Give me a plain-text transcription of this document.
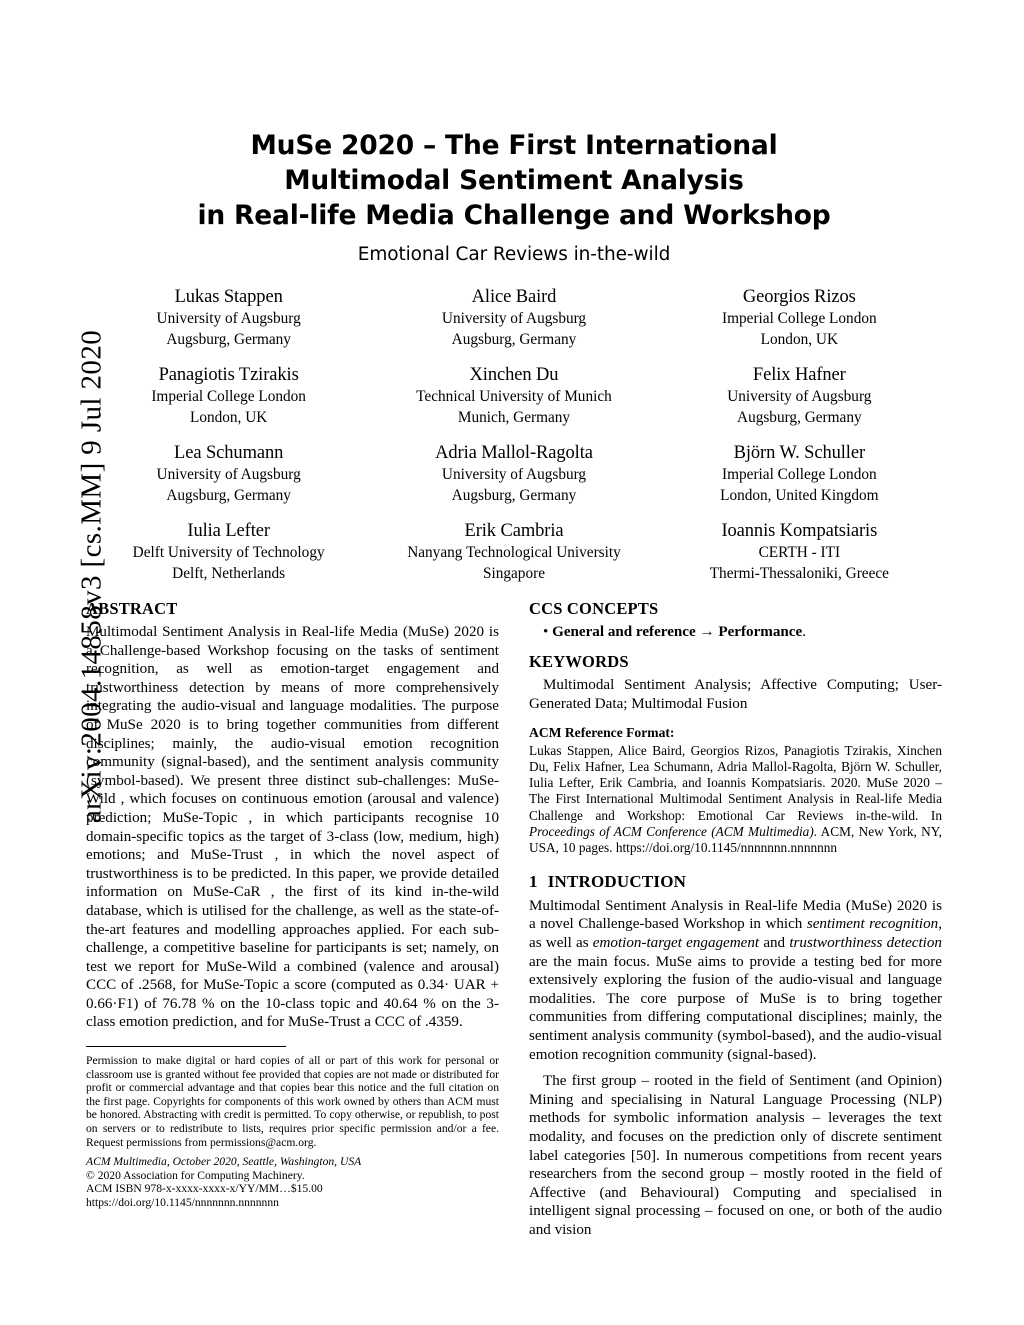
arXiv:2004.14858v3 [cs.MM] 9 Jul 2020
MuSe 2020 – The First International
Multimodal Sentiment Analysis
in Real-life Media Challenge and Workshop
Emotional Car Reviews in-the-wild
Lukas Stappen
University of Augsburg
Augsburg, Germany
Alice Baird
University of Augsburg
Augsburg, Germany
Georgios Rizos
Imperial College London
London, UK
Panagiotis Tzirakis
Imperial College London
London, UK
Xinchen Du
Technical University of Munich
Munich, Germany
Felix Hafner
University of Augsburg
Augsburg, Germany
Lea Schumann
University of Augsburg
Augsburg, Germany
Adria Mallol-Ragolta
University of Augsburg
Augsburg, Germany
Björn W. Schuller
Imperial College London
London, United Kingdom
Iulia Lefter
Delft University of Technology
Delft, Netherlands
Erik Cambria
Nanyang Technological University
Singapore
Ioannis Kompatsiaris
CERTH - ITI
Thermi-Thessaloniki, Greece
ABSTRACT

Multimodal Sentiment Analysis in Real-life Media (MuSe) 2020 is a Challenge-based Workshop focusing on the tasks of sentiment recognition, as well as emotion-target engagement and trustworthiness detection by means of more comprehensively integrating the audio-visual and language modalities. The purpose of MuSe 2020 is to bring together communities from different disciplines; mainly, the audio-visual emotion recognition community (signal-based), and the sentiment analysis community (symbol-based). We present three distinct sub-challenges: MuSe-Wild , which focuses on continuous emotion (arousal and valence) prediction; MuSe-Topic , in which participants recognise 10 domain-specific topics as the target of 3-class (low, medium, high) emotions; and MuSe-Trust , in which the novel aspect of trustworthiness is to be predicted. In this paper, we provide detailed information on MuSe-CaR , the first of its kind in-the-wild database, which is utilised for the challenge, as well as the state-of-the-art features and modelling approaches applied. For each sub-challenge, a competitive baseline for participants is set; namely, on test we report for MuSe-Wild a combined (valence and arousal) CCC of .2568, for MuSe-Topic a score (computed as 0.34· UAR + 0.66·F1) of 76.78 % on the 10-class topic and 40.64 % on the 3-class emotion prediction, and for MuSe-Trust a CCC of .4359.

Permission to make digital or hard copies of all or part of this work for personal or classroom use is granted without fee provided that copies are not made or distributed for profit or commercial advantage and that copies bear this notice and the full citation on the first page. Copyrights for components of this work owned by others than ACM must be honored. Abstracting with credit is permitted. To copy otherwise, or republish, to post on servers or to redistribute to lists, requires prior specific permission and/or a fee. Request permissions from permissions@acm.org.

ACM Multimedia, October 2020, Seattle, Washington, USA

© 2020 Association for Computing Machinery.

ACM ISBN 978-x-xxxx-xxxx-x/YY/MM…$15.00

https://doi.org/10.1145/nnnnnnn.nnnnnnn

CCS CONCEPTS

• General and reference → Performance.

KEYWORDS

Multimodal Sentiment Analysis; Affective Computing; User-Generated Data; Multimodal Fusion

ACM Reference Format:

Lukas Stappen, Alice Baird, Georgios Rizos, Panagiotis Tzirakis, Xinchen Du, Felix Hafner, Lea Schumann, Adria Mallol-Ragolta, Björn W. Schuller, Iulia Lefter, Erik Cambria, and Ioannis Kompatsiaris. 2020. MuSe 2020 – The First International Multimodal Sentiment Analysis in Real-life Media Challenge and Workshop: Emotional Car Reviews in-the-wild. In Proceedings of ACM Conference (ACM Multimedia). ACM, New York, NY, USA, 10 pages. https://doi.org/10.1145/nnnnnnn.nnnnnnn

1 INTRODUCTION

Multimodal Sentiment Analysis in Real-life Media (MuSe) 2020 is a novel Challenge-based Workshop in which sentiment recognition, as well as emotion-target engagement and trustworthiness detection are the main focus. MuSe aims to provide a testing bed for more extensively exploring the fusion of the audio-visual and language modalities. The core purpose of MuSe is to bring together communities from differing computational disciplines; mainly, the sentiment analysis community (symbol-based), and the audio-visual emotion recognition community (signal-based).

The first group – rooted in the field of Sentiment (and Opinion) Mining and specialising in Natural Language Processing (NLP) methods for symbolic information analysis – leverages the text modality, and focuses on the prediction only of discrete sentiment label categories [50]. In numerous competitions from recent years researchers from the second group – mostly rooted in the field of Affective (and Behavioural) Computing and specialised in intelligent signal processing – focused on one, or both of the audio and vision
